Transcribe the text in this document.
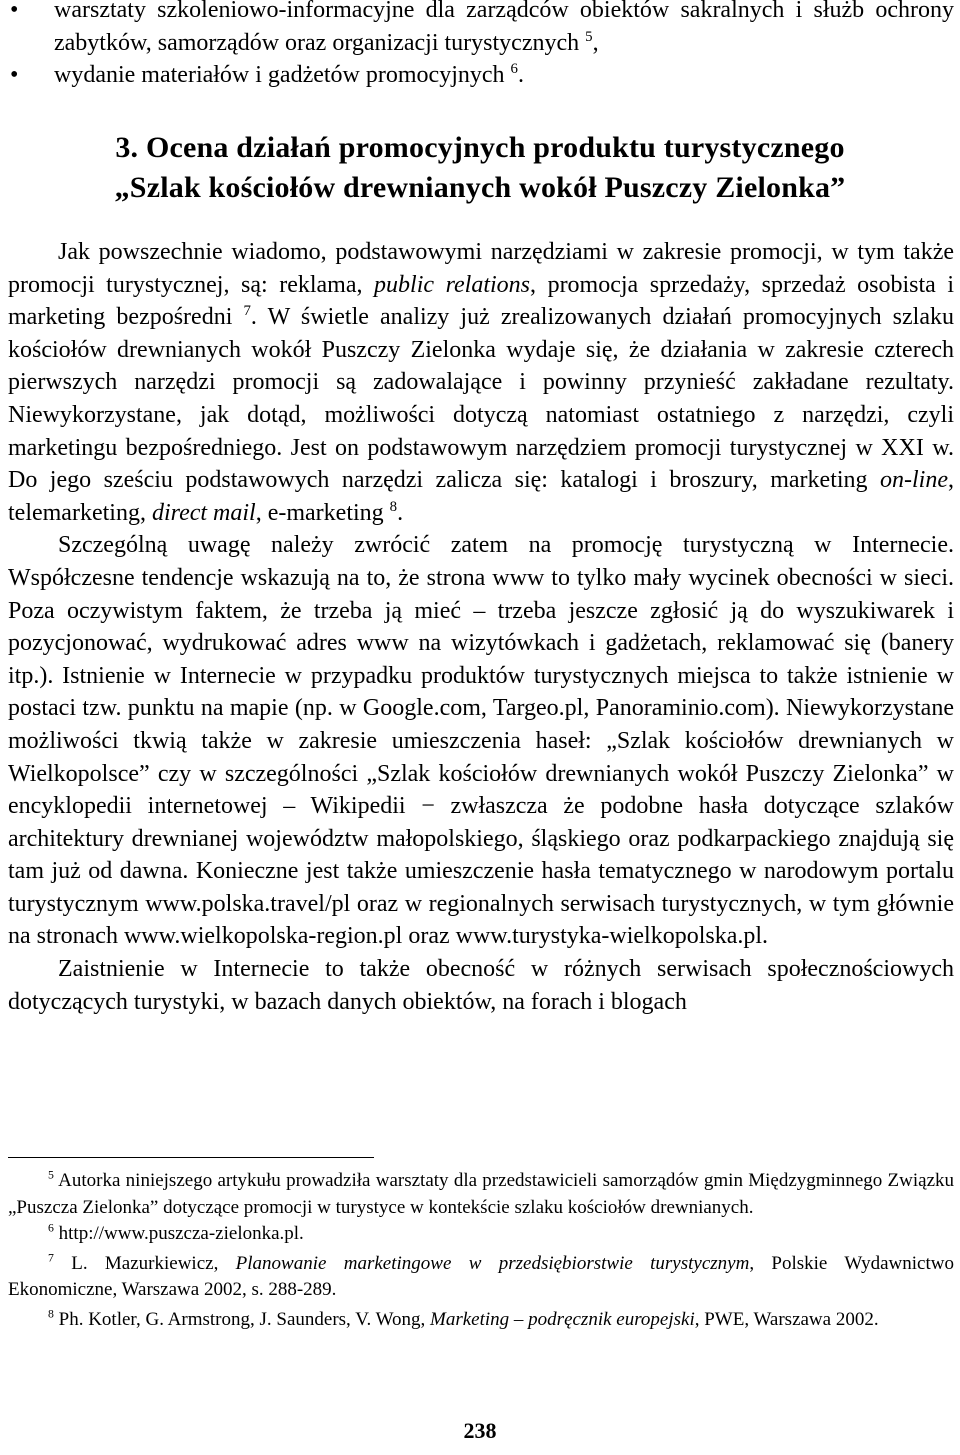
• warsztaty szkoleniowo-informacyjne dla zarządców obiektów sakralnych i służb ochrony zabytków, samorządów oraz organizacji turystycznych $^5$,
• wydanie materiałów i gadżetów promocyjnych $^6$.
3. Ocena działań promocyjnych produktu turystycznego
„Szlak kościołów drewnianych wokół Puszczy Zielonka”

Jak powszechnie wiadomo, podstawowymi narzędziami w zakresie promocji, w tym także promocji turystycznej, są: reklama, public relations, promocja sprzedaży, sprzedaż osobista i marketing bezpośredni $^7$. W świetle analizy już zrealizowanych działań promocyjnych szlaku kościołów drewnianych wokół Puszczy Zielonka wydaje się, że działania w zakresie czterech pierwszych narzędzi promocji są zadowalające i powinny przynieść zakładane rezultaty. Niewykorzystane, jak dotąd, możliwości dotyczą natomiast ostatniego z narzędzi, czyli marketingu bezpośredniego. Jest on podstawowym narzędziem promocji turystycznej w XXI w. Do jego sześciu podstawowych narzędzi zalicza się: katalogi i broszury, marketing on-line, telemarketing, direct mail, e-marketing $^8$.

Szczególną uwagę należy zwrócić zatem na promocję turystyczną w Internecie. Współczesne tendencje wskazują na to, że strona www to tylko mały wycinek obecności w sieci. Poza oczywistym faktem, że trzeba ją mieć – trzeba jeszcze zgłosić ją do wyszukiwarek i pozycjonować, wydrukować adres www na wizytówkach i gadżetach, reklamować się (banery itp.). Istnienie w Internecie w przypadku produktów turystycznych miejsca to także istnienie w postaci tzw. punktu na mapie (np. w Google.com, Targeo.pl, Panoraminio.com). Niewykorzystane możliwości tkwią także w zakresie umieszczenia haseł: „Szlak kościołów drewnianych w Wielkopolsce” czy w szczególności „Szlak kościołów drewnianych wokół Puszczy Zielonka” w encyklopedii internetowej – Wikipedii − zwłaszcza że podobne hasła dotyczące szlaków architektury drewnianej województw małopolskiego, śląskiego oraz podkarpackiego znajdują się tam już od dawna. Konieczne jest także umieszczenie hasła tematycznego w narodowym portalu turystycznym www.polska.travel/pl oraz w regionalnych serwisach turystycznych, w tym głównie na stronach www.wielkopolska-region.pl oraz www.turystyka-wielkopolska.pl.

Zaistnienie w Internecie to także obecność w różnych serwisach społecznościowych dotyczących turystyki, w bazach danych obiektów, na forach i blogach

$^5$ Autorka niniejszego artykułu prowadziła warsztaty dla przedstawicieli samorządów gmin Międzygminnego Związku „Puszcza Zielonka” dotyczące promocji w turystyce w kontekście szlaku kościołów drewnianych.

$^6$ http://www.puszcza-zielonka.pl.

$^7$ L. Mazurkiewicz, Planowanie marketingowe w przedsiębiorstwie turystycznym, Polskie Wydawnictwo Ekonomiczne, Warszawa 2002, s. 288-289.

$^8$ Ph. Kotler, G. Armstrong, J. Saunders, V. Wong, Marketing – podręcznik europejski, PWE, Warszawa 2002.

238
